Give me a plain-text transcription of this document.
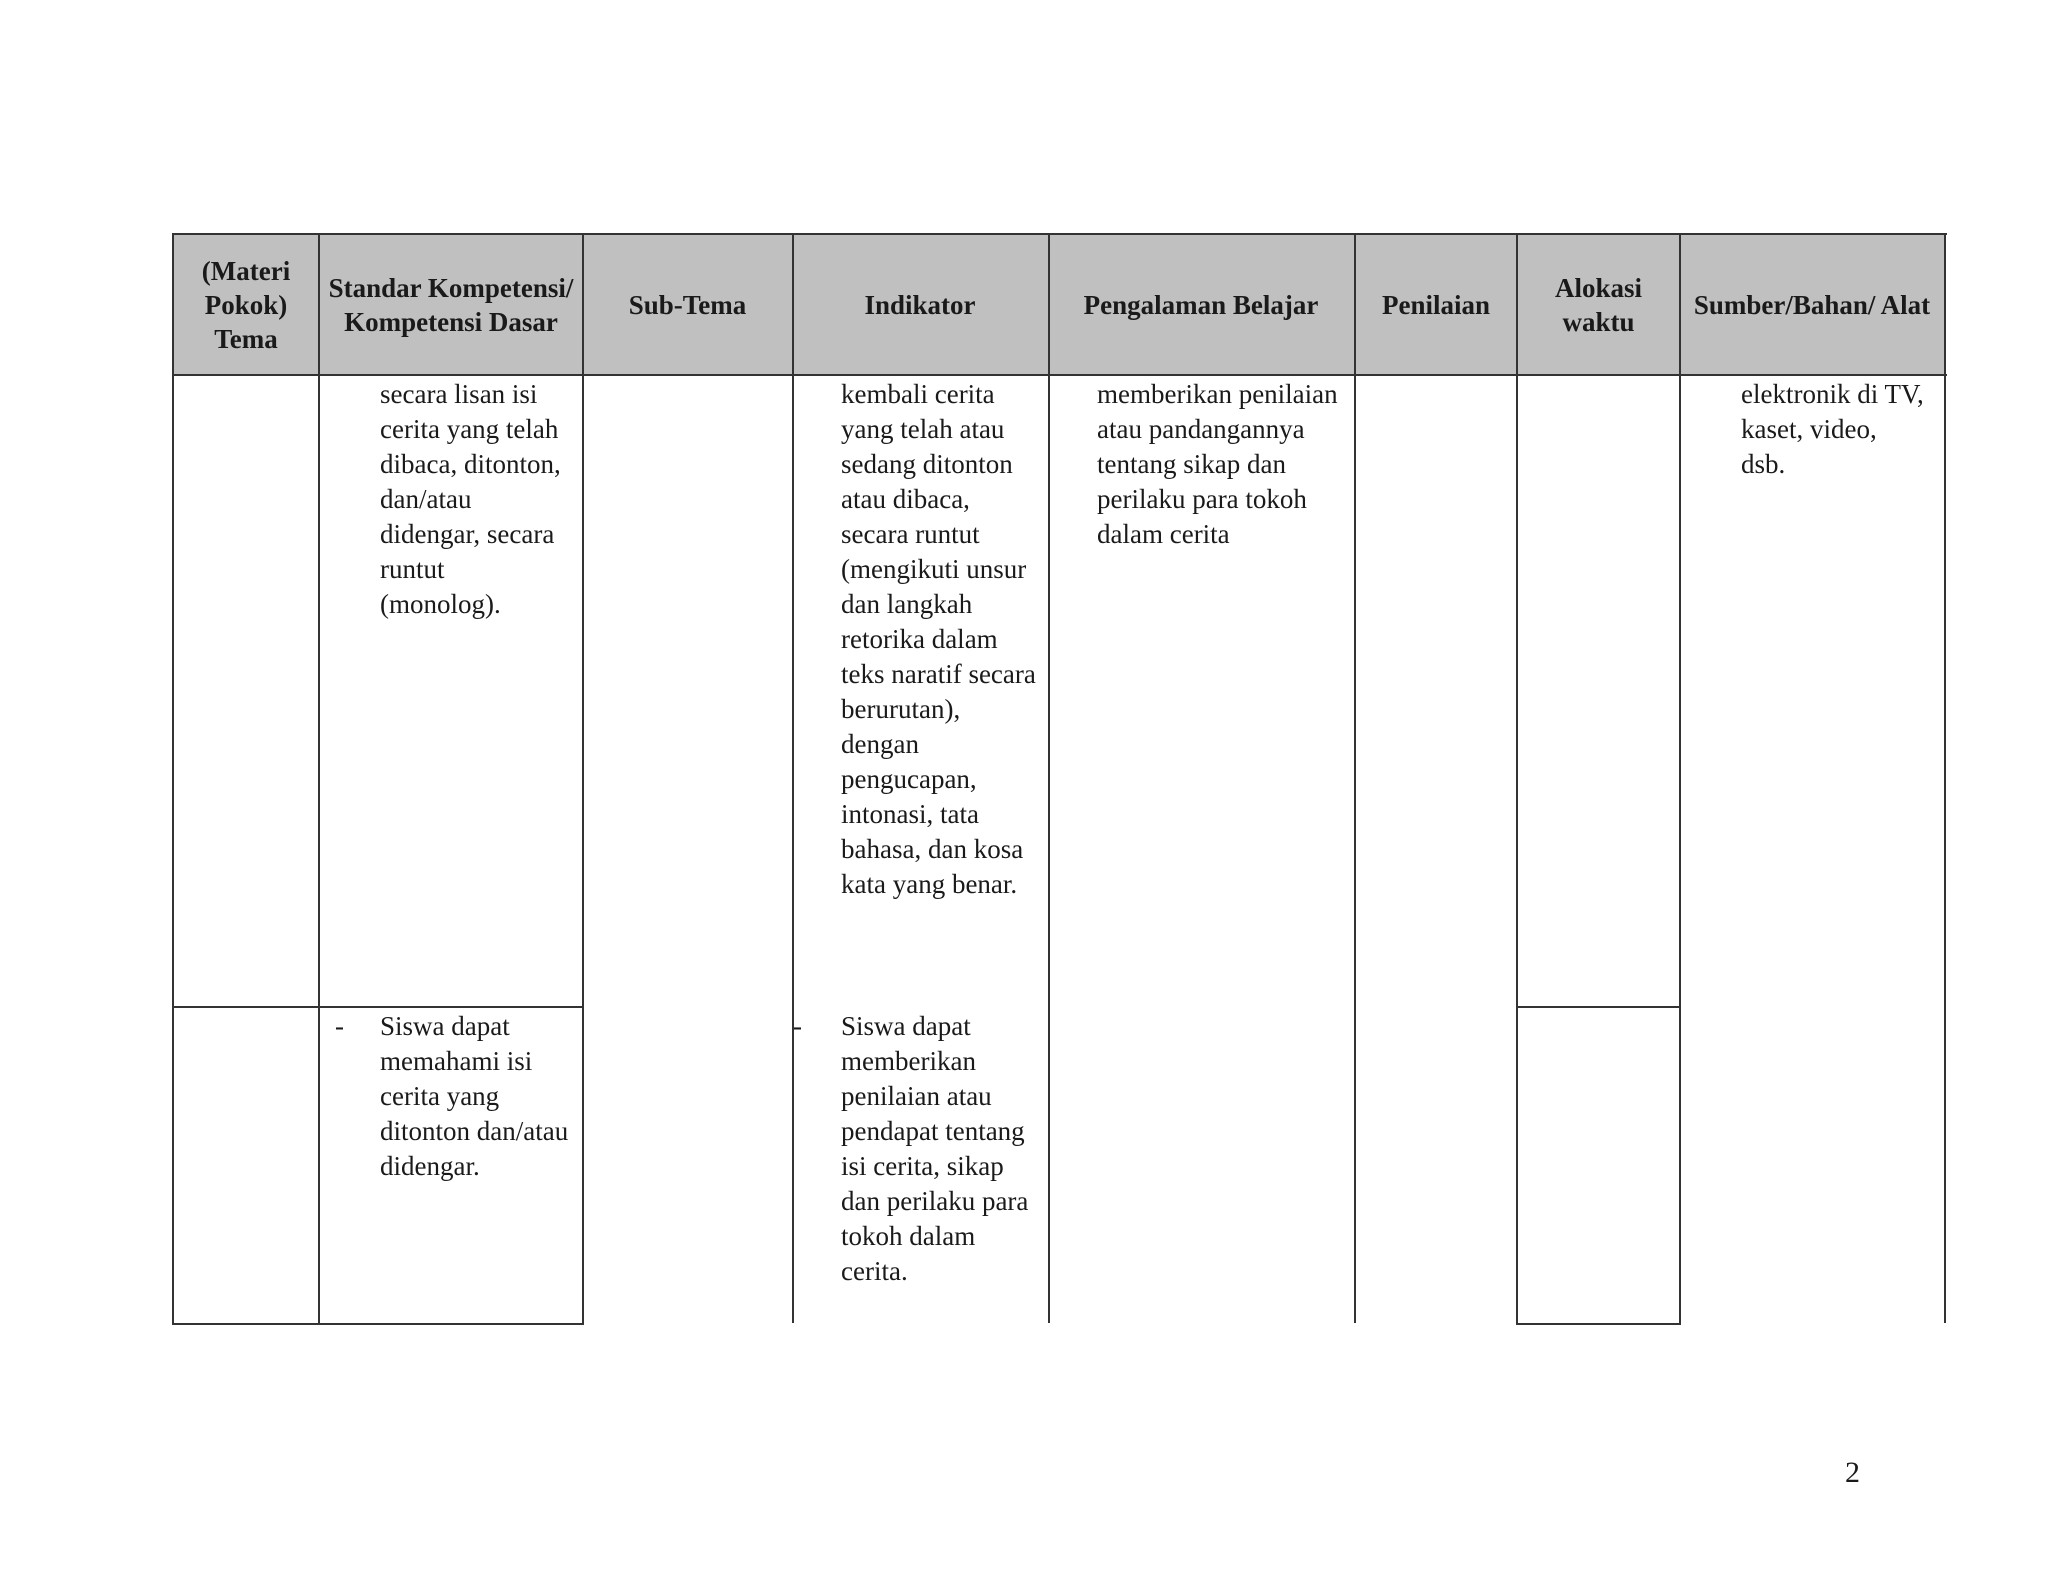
(Materi Pokok) Tema
Standar Kompetensi/ Kompetensi Dasar
Sub-Tema	Indikator	Pengalaman Belajar Penilaian
Alokasi waktu
Sumber/Bahan/ Alat

secara lisan isi cerita yang telah dibaca, ditonton, dan/atau didengar, secara runtut (monolog).

kembali cerita yang telah atau sedang ditonton atau dibaca, secara runtut (mengikuti unsur dan langkah retorika dalam teks naratif secara berurutan), dengan pengucapan, intonasi, tata bahasa, dan kosa kata yang benar.

memberikan penilaian atau pandangannya tentang sikap dan perilaku para tokoh dalam cerita

elektronik di TV, kaset, video, dsb.

- Siswa dapat memahami isi cerita yang ditonton dan/atau didengar.

- Siswa dapat memberikan penilaian atau pendapat tentang isi cerita, sikap dan perilaku para tokoh dalam cerita.

2
